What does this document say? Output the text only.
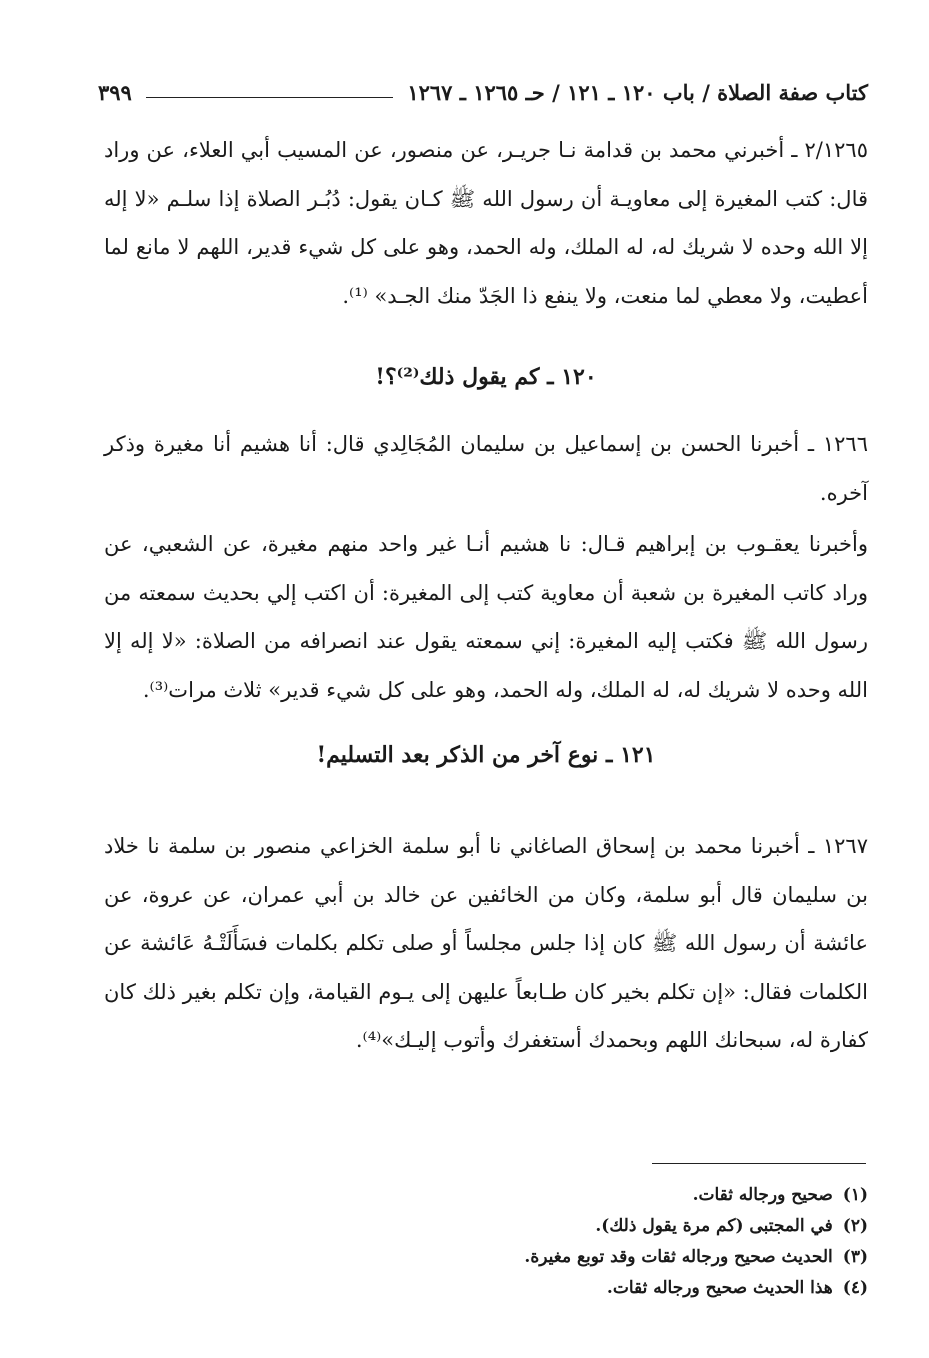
كتاب صفة الصلاة / باب ١٢٠ ـ ١٢١ / حـ ١٢٦٥ ـ ١٢٦٧
٣٩٩

٢/١٢٦٥ ـ أخبرني محمد بن قدامة نـا جريـر، عن منصور، عن المسيب أبي العلاء، عن وراد قال: كتب المغيرة إلى معاويـة أن رسول الله ﷺ كـان يقول: دُبُـر الصلاة إذا سلـم «لا إله إلا الله وحده لا شريك له، له الملك، وله الحمد، وهو على كل شيء قدير، اللهم لا مانع لما أعطيت، ولا معطي لما منعت، ولا ينفع ذا الجَدّ منك الجـد» ⁽¹⁾.

١٢٠ ـ كم يقول ذلك⁽²⁾؟!

١٢٦٦ ـ أخبرنا الحسن بن إسماعيل بن سليمان المُجَالِدي قال: أنا هشيم أنا مغيرة وذكر آخره.

وأخبرنا يعقـوب بن إبراهيم قـال: نا هشيم أنـا غير واحد منهم مغيرة، عن الشعبي، عن وراد كاتب المغيرة بن شعبة أن معاوية كتب إلى المغيرة: أن اكتب إلي بحديث سمعته من رسول الله ﷺ فكتب إليه المغيرة: إني سمعته يقول عند انصرافه من الصلاة: «لا إله إلا الله وحده لا شريك له، له الملك، وله الحمد، وهو على كل شيء قدير» ثلاث مرات⁽³⁾.

١٢١ ـ نوع آخر من الذكر بعد التسليم!

١٢٦٧ ـ أخبرنا محمد بن إسحاق الصاغاني نا أبو سلمة الخزاعي منصور بن سلمة نا خلاد بن سليمان قال أبو سلمة، وكان من الخائفين عن خالد بن أبي عمران، عن عروة، عن عائشة أن رسول الله ﷺ كان إذا جلس مجلساً أو صلى تكلم بكلمات فسَأَلَتْـهُ عَائشة عن الكلمات فقال: «إن تكلم بخير كان طـابعاً عليهن إلى يـوم القيامة، وإن تكلم بغير ذلك كان كفارة له، سبحانك اللهم وبحمدك أستغفرك وأتوب إليـك»⁽⁴⁾.

(١)صحيح ورجاله ثقات.
(٢)في المجتبى (كم مرة يقول ذلك).
(٣)الحديث صحيح ورجاله ثقات وقد توبع مغيرة.
(٤)هذا الحديث صحيح ورجاله ثقات.
